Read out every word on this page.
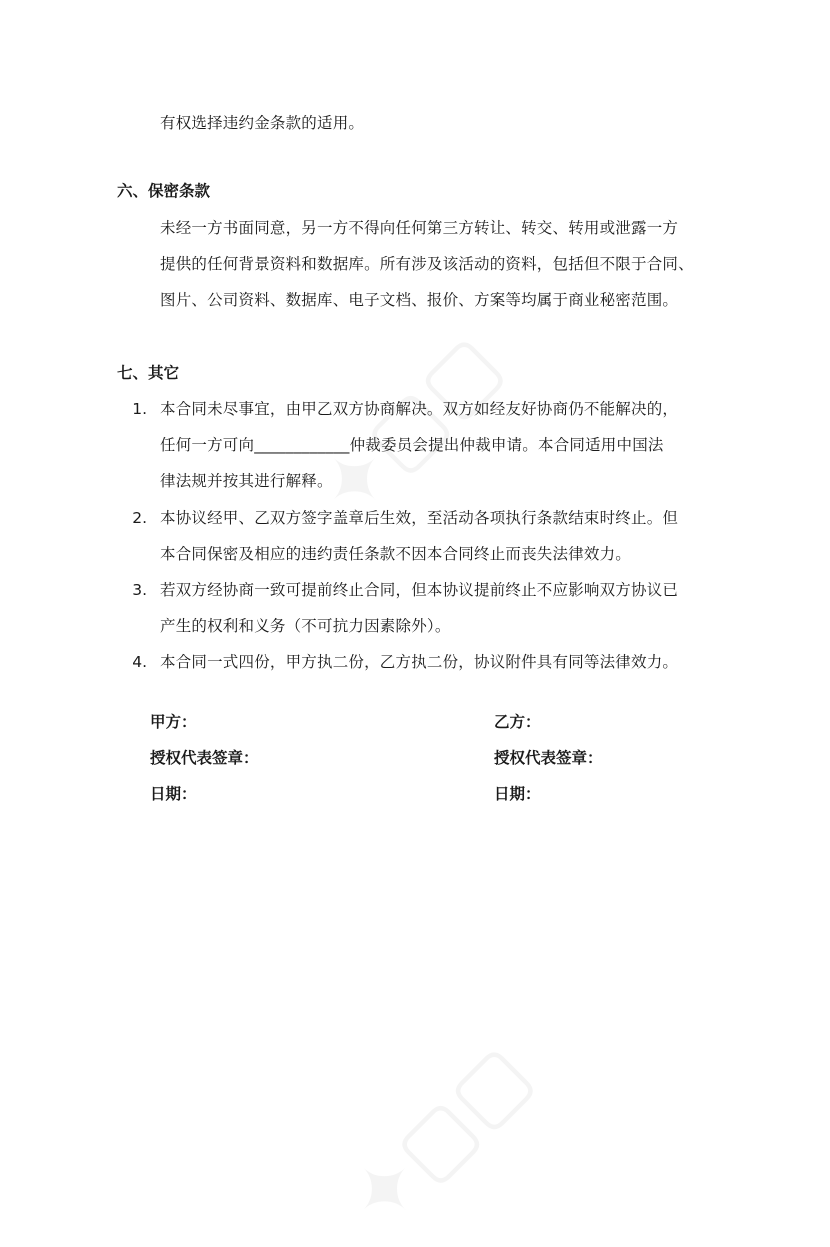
有权选择违约金条款的适用。
六、保密条款
未经一方书面同意，另一方不得向任何第三方转让、转交、转用或泄露一方
提供的任何背景资料和数据库。所有涉及该活动的资料，包括但不限于合同、
图片、公司资料、数据库、电子文档、报价、方案等均属于商业秘密范围。
七、其它
1. 本合同未尽事宜，由甲乙双方协商解决。双方如经友好协商仍不能解决的，
任何一方可向____________仲裁委员会提出仲裁申请。本合同适用中国法
律法规并按其进行解释。
2. 本协议经甲、乙双方签字盖章后生效，至活动各项执行条款结束时终止。但
本合同保密及相应的违约责任条款不因本合同终止而丧失法律效力。
3. 若双方经协商一致可提前终止合同，但本协议提前终止不应影响双方协议已
产生的权利和义务（不可抗力因素除外）。
4. 本合同一式四份，甲方执二份，乙方执二份，协议附件具有同等法律效力。
甲方：
授权代表签章：
日期：
乙方：
授权代表签章：
日期：
